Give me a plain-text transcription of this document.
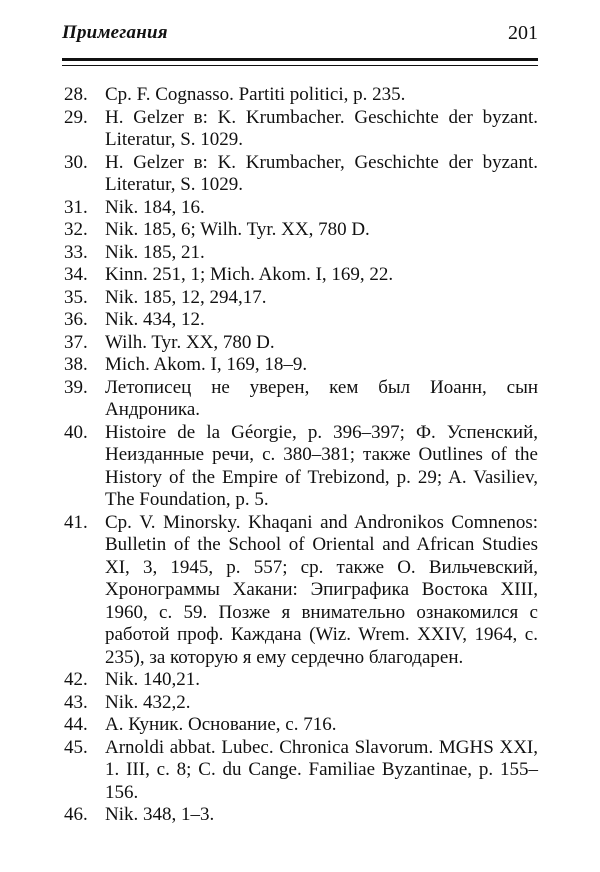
Примегания	201
28. Ср. F. Cognasso. Partiti politici, p. 235.
29. H. Gelzer в: K. Krumbacher. Geschichte der byzant. Literatur, S. 1029.
30. H. Gelzer в: K. Krumbacher, Geschichte der byzant. Literatur, S. 1029.
31. Nik. 184, 16.
32. Nik. 185, 6; Wilh. Tyr. XX, 780 D.
33. Nik. 185, 21.
34. Kinn. 251, 1; Mich. Akom. I, 169, 22.
35. Nik. 185, 12, 294,17.
36. Nik. 434, 12.
37. Wilh. Tyr. XX, 780 D.
38. Mich. Akom. I, 169, 18–9.
39. Летописец не уверен, кем был Иоанн, сын Андроника.
40. Histoire de la Géorgie, p. 396–397; Ф. Успенский, Неизданные речи, с. 380–381; также Outlines of the History of the Empire of Trebizond, p. 29; A. Vasiliev, The Foundation, p. 5.
41. Ср. V. Minorsky. Khaqani and Andronikos Comnenos: Bulletin of the School of Oriental and African Studies XI, 3, 1945, p. 557; ср. также О. Вильчевский, Хронограммы Хакани: Эпиграфика Востока XIII, 1960, с. 59. Позже я внимательно ознакомился с работой проф. Каждана (Wiz. Wrem. XXIV, 1964, с. 235), за которую я ему сердечно благодарен.
42. Nik. 140,21.
43. Nik. 432,2.
44. А. Куник. Основание, с. 716.
45. Arnoldi abbat. Lubec. Chronica Slavorum. MGHS XXI, 1. III, с. 8; C. du Cange. Familiae Byzantinae, p. 155–156.
46. Nik. 348, 1–3.
